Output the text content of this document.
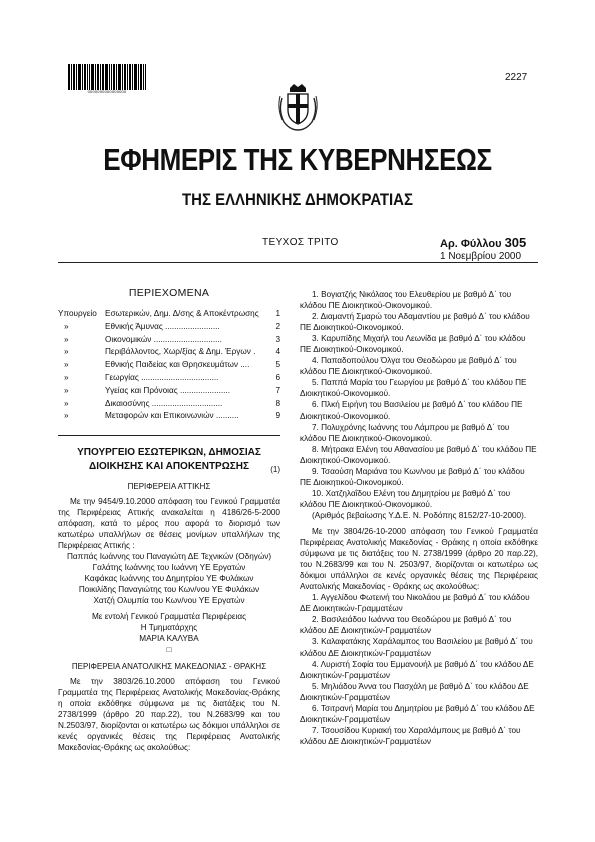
0000000000000000
2227
ΕΦΗΜΕΡΙΣ ΤΗΣ ΚΥΒΕΡΝΗΣΕΩΣ
ΤΗΣ ΕΛΛΗΝΙΚΗΣ ΔΗΜΟΚΡΑΤΙΑΣ
ΤΕΥΧΟΣ ΤΡΙΤΟ	Αρ. Φύλλου 305
1 Νοεμβρίου 2000
ΠΕΡΙΕΧΟΜΕΝΑ
Υπουργείο Εσωτερικών, Δημ. Δ/σης & Αποκέντρωσης	1
»	Εθνικής Άμυνας ........................	2
»	Οικονομικών ..............................	3
»	Περιβάλλοντος, Χωρ/ξίας & Δημ. Έργων .	4
»	Εθνικής Παιδείας και Θρησκευμάτων ....	5
»	Γεωργίας ..................................	6
»	Υγείας και Πρόνοιας ......................	7
»	Δικαιοσύνης ...............................	8
»	Μεταφορών και Επικοινωνιών ..........	9
ΥΠΟΥΡΓΕΙΟ ΕΣΩΤΕΡΙΚΩΝ, ΔΗΜΟΣΙΑΣ
ΔΙΟΙΚΗΣΗΣ ΚΑΙ ΑΠΟΚΕΝΤΡΩΣΗΣ	(1)
ΠΕΡΙΦΕΡΕΙΑ ΑΤΤΙΚΗΣ

Με την 9454/9.10.2000 απόφαση του Γενικού Γραμματέα της Περιφέρειας Αττικής ανακαλείται η 4186/26-5-2000 απόφαση, κατά το μέρος που αφορά το διορισμό των κατωτέρω υπαλλήλων σε θέσεις μονίμων υπαλλήλων της Περιφέρειας Αττικής :

Παππάς Ιωάννης του Παναγιώτη ΔΕ Τεχνικών (Οδηγών)

Γαλάτης Ιωάννης του Ιωάννη ΥΕ Εργατών

Καφάκας Ιωάννης του Δημητρίου ΥΕ Φυλάκων

Ποικιλίδης Παναγιώτης του Κων/νου ΥΕ Φυλάκων

Χατζή Ολυμπία του Κων/νου ΥΕ Εργατών

Με εντολή Γενικού Γραμματέα Περιφέρειας

Η Τμηματάρχης

ΜΑΡΙΑ ΚΑΛΥΒΑ

□

ΠΕΡΙΦΕΡΕΙΑ ΑΝΑΤΟΛΙΚΗΣ ΜΑΚΕΔΟΝΙΑΣ - ΘΡΑΚΗΣ

Με την 3803/26.10.2000 απόφαση του Γενικού Γραμματέα της Περιφέρειας Ανατολικής Μακεδονίας-Θράκης η οποία εκδόθηκε σύμφωνα με τις διατάξεις του Ν. 2738/1999 (άρθρο 20 παρ.22), του Ν.2683/99 και του Ν.2503/97, διορίζονται οι κατωτέρω ως δόκιμοι υπάλληλοι σε κενές οργανικές θέσεις της Περιφέρειας Ανατολικής Μακεδονίας-Θράκης ως ακολούθως:

1. Βογιατζής Νικόλαος του Ελευθερίου με βαθμό Δ΄ του κλάδου ΠΕ Διοικητικού-Οικονομικού.

2. Διαμαντή Σμαρώ του Αδαμαντίου με βαθμό Δ΄ του κλάδου ΠΕ Διοικητικού-Οικονομικού.

3. Καρυπίδης Μιχαήλ του Λεωνίδα με βαθμό Δ΄ του κλάδου ΠΕ Διοικητικού-Οικονομικού.

4. Παπαδοπούλου Όλγα του Θεοδώρου με βαθμό Δ΄ του κλάδου ΠΕ Διοικητικού-Οικονομικού.

5. Παππά Μαρία του Γεωργίου με βαθμό Δ΄ του κλάδου ΠΕ Διοικητικού-Οικονομικού.

6. Πλκή Ειρήνη του Βασιλείου με βαθμό Δ΄ του κλάδου ΠΕ Διοικητικού-Οικονομικού.

7. Πολυχρόνης Ιωάννης του Λάμπρου με βαθμό Δ΄ του κλάδου ΠΕ Διοικητικού-Οικονομικού.

8. Μήτρακα Ελένη του Αθανασίου με βαθμό Δ΄ του κλάδου ΠΕ Διοικητικού-Οικονομικού.

9. Τσαούση Μαριάνα του Κων/νου με βαθμό Δ΄ του κλάδου ΠΕ Διοικητικού-Οικονομικού.

10. Χατζηλαΐδου Ελένη του Δημητρίου με βαθμό Δ΄ του κλάδου ΠΕ Διοικητικού-Οικονομικού.

(Αριθμός βεβαίωσης Υ.Δ.Ε. Ν. Ροδόπης 8152/27-10-2000).

Με την 3804/26-10-2000 απόφαση του Γενικού Γραμματέα Περιφέρειας Ανατολικής Μακεδονίας - Θράκης η οποία εκδόθηκε σύμφωνα με τις διατάξεις του Ν. 2738/1999 (άρθρο 20 παρ.22), του Ν.2683/99 και του Ν. 2503/97, διορίζονται οι κατωτέρω ως δόκιμοι υπάλληλοι σε κενές οργανικές θέσεις της Περιφέρειας Ανατολικής Μακεδονίας - Θράκης ως ακολούθως:

1. Αγγελίδου Φωτεινή του Νικολάου με βαθμό Δ΄ του κλάδου ΔΕ Διοικητικών-Γραμματέων

2. Βασιλειάδου Ιωάννα του Θεοδώρου με βαθμό Δ΄ του κλάδου ΔΕ Διοικητικών-Γραμματέων

3. Καλαφατάκης Χαράλαμπος του Βασιλείου με βαθμό Δ΄ του κλάδου ΔΕ Διοικητικών-Γραμματέων

4. Λυριστή Σοφία του Εμμανουήλ με βαθμό Δ΄ του κλάδου ΔΕ Διοικητικών-Γραμματέων

5. Μηλιάδου Άννα του Πασχάλη με βαθμό Δ΄ του κλάδου ΔΕ Διοικητικών-Γραμματέων

6. Τσιτρανή Μαρία του Δημητρίου με βαθμό Δ΄ του κλάδου ΔΕ Διοικητικών-Γραμματέων

7. Τσουσίδου Κυριακή του Χαραλάμπους με βαθμό Δ΄ του κλάδου ΔΕ Διοικητικών-Γραμματέων
